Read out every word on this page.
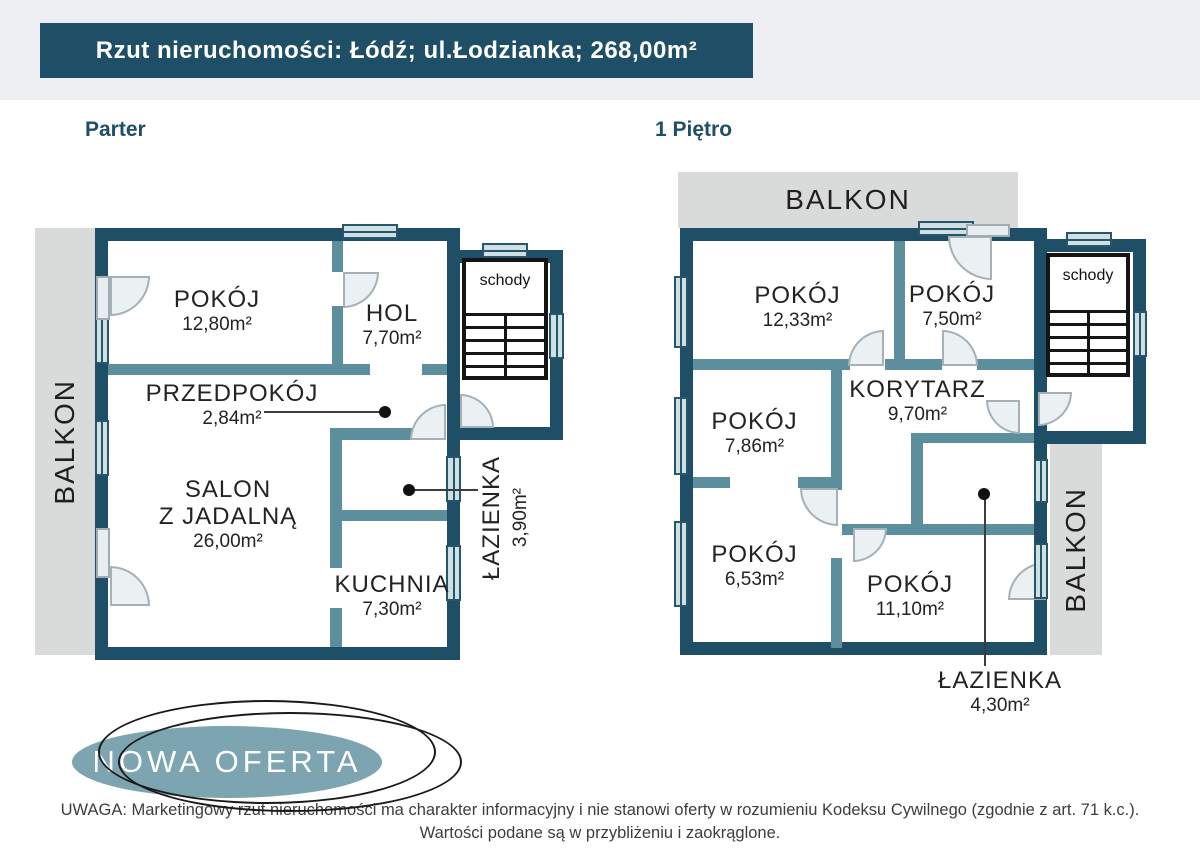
Rzut nieruchomości: Łódź; ul.Łodzianka; 268,00m²
Parter	1 Piętro
BALKON
schody
POKÓJ
12,80m²	HOL
7,70m²
PRZEDPOKÓJ
2,84m²
SALON
Z JADALNĄ
26,00m²
KUCHNIA
7,30m²
ŁAZIENKA 3,90m²
BALKON
BALKON
schody
POKÓJ
12,33m²
POKÓJ
7,50m²
POKÓJ
7,86m²
KORYTARZ
9,70m²
POKÓJ
6,53m²	POKÓJ
11,10m²
ŁAZIENKA
4,30m²
UWAGA: Marketingowy rzut nieruchomości ma charakter informacyjny i nie stanowi oferty w rozumieniu Kodeksu Cywilnego (zgodnie z art. 71 k.c.).
Wartości podane są w przybliżeniu i zaokrąglone.
NOWA OFERTA
